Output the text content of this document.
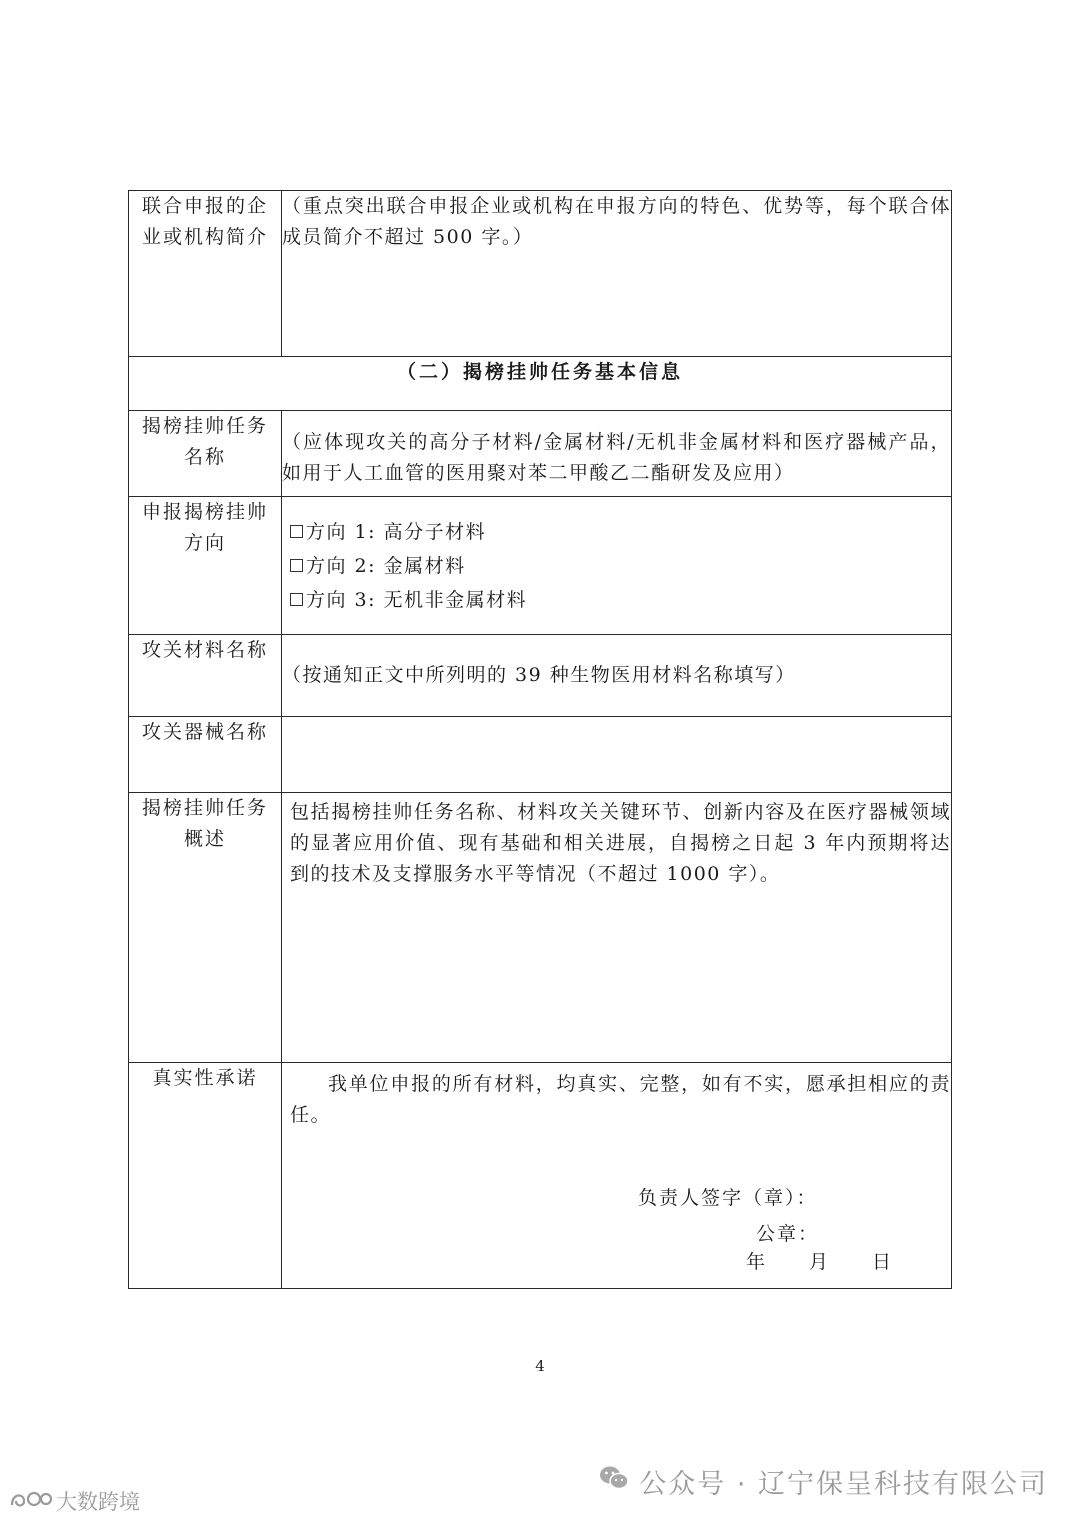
联合申报的企业或机构简介	（重点突出联合申报企业或机构在申报方向的特色、优势等，每个联合体成员简介不超过 500 字。）
（二）揭榜挂帅任务基本信息	
揭榜挂帅任务名称	（应体现攻关的高分子材料/金属材料/无机非金属材料和医疗器械产品，如用于人工血管的医用聚对苯二甲酸乙二酯研发及应用）
申报揭榜挂帅方向	方向 1: 高分子材料
方向 2: 金属材料
方向 3: 无机非金属材料

攻关材料名称	（按通知正文中所列明的 39 种生物医用材料名称填写）
攻关器械名称	
揭榜挂帅任务概述	包括揭榜挂帅任务名称、材料攻关关键环节、创新内容及在医疗器械领域的显著应用价值、现有基础和相关进展，自揭榜之日起 3 年内预期将达到的技术及支撑服务水平等情况（不超过 1000 字）。
真实性承诺	我单位申报的所有材料，均真实、完整，如有不实，愿承担相应的责任。
负责人签字（章）：
公章：
年　　月　　日
4
公众号 · 辽宁保呈科技有限公司
大数跨境
